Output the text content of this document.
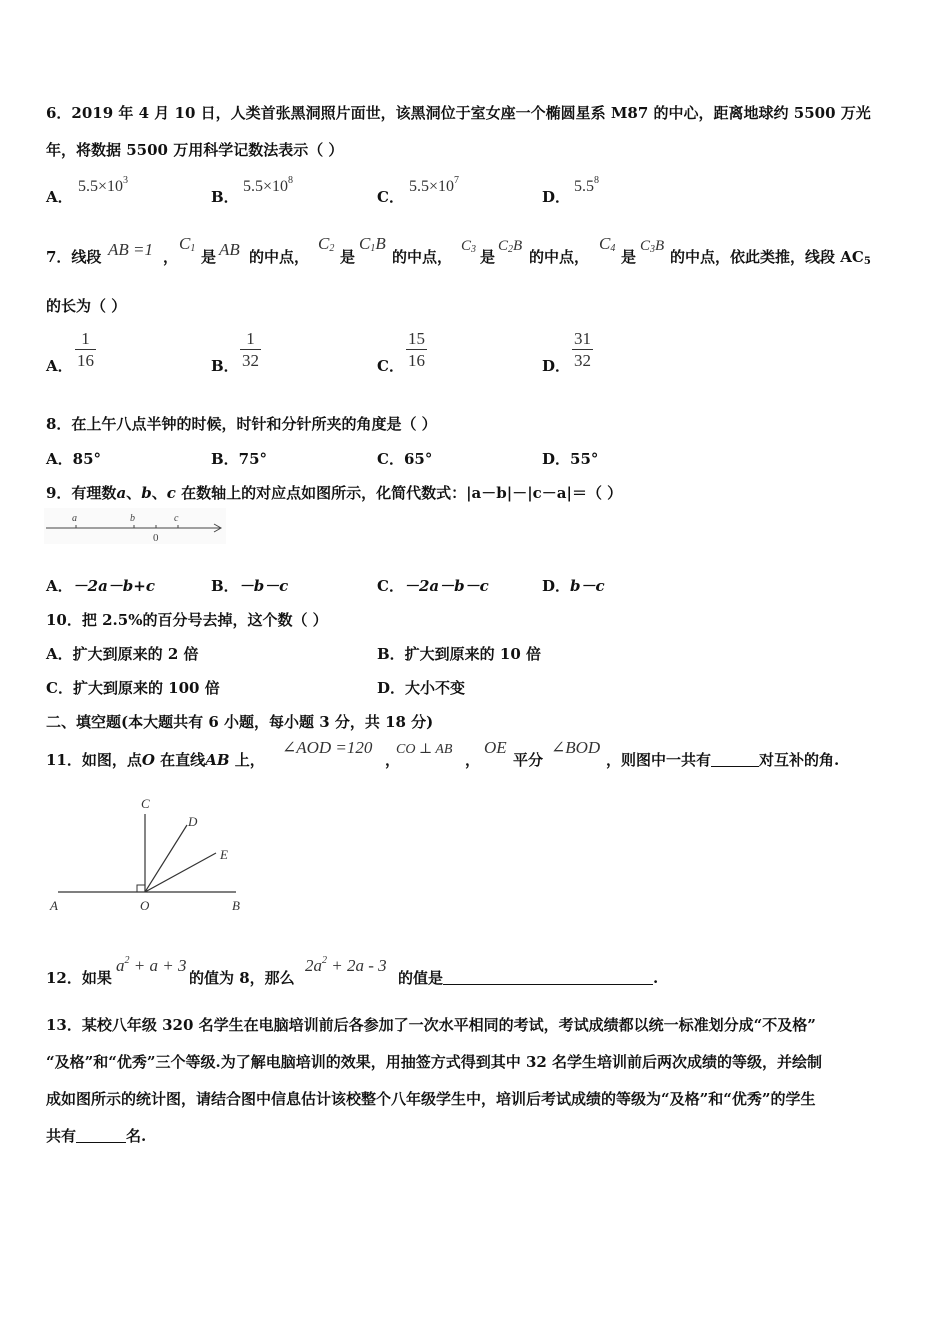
6．2019 年 4 月 10 日，人类首张黑洞照片面世，该黑洞位于室女座一个椭圆星系 M87 的中心，距离地球约 5500 万光
年，将数据 5500 万用科学记数法表示（ ）
A．
$5.5\times 10^3$
B．
$5.5\times 10^8$
C．
$5.5\times 10^7$
D．
$5.5^8$
7．线段 AB =1 ，
$C_1$ 是 AB 的中点，
$C_2$ 是
$C_1B$
的中点，
$C_3$ 是
$C_2B$
的中点，
$C_4$ 是
$C_3B$
的中点，依此类推，线段 $AC_5$
的长为（ ）
A． $\frac{1}{16}$	B． $\frac{1}{32}$	C． $\frac{15}{16}$	D． $\frac{31}{32}$
8．在上午八点半钟的时候，时针和分针所夹的角度是（ ）
A．85°	B．75°	C．65°	D．55°
9．有理数a、b、c 在数轴上的对应点如图所示，化简代数式：|a－b|－|c－a|＝（ ）
a	b	c
0
A．－2a－b+c	B．－b－c	C．－2a－b－c	D．b－c
10．把 2.5%的百分号去掉，这个数（ ）
A．扩大到原来的 2 倍	B．扩大到原来的 10 倍
C．扩大到原来的 100 倍	D．大小不变
二、填空题(本大题共有 6 小题，每小题 3 分，共 18 分)
11．如图，点O 在直线AB 上，
∠AOD =120
，
CO ⊥ AB
，
OE
平分
∠BOD
，则图中一共有	对互补的角.
C
D
E
A	O	B
12．如果
$a^2 + a + 3$
的值为 8，那么
$2a^2 + 2a - 3$
的值是	.
13．某校八年级 320 名学生在电脑培训前后各参加了一次水平相同的考试，考试成绩都以统一标准划分成“不及格”
“及格”和“优秀”三个等级.为了解电脑培训的效果，用抽签方式得到其中 32 名学生培训前后两次成绩的等级，并绘制
成如图所示的统计图，请结合图中信息估计该校整个八年级学生中，培训后考试成绩的等级为“及格”和“优秀”的学生
共有	名.
